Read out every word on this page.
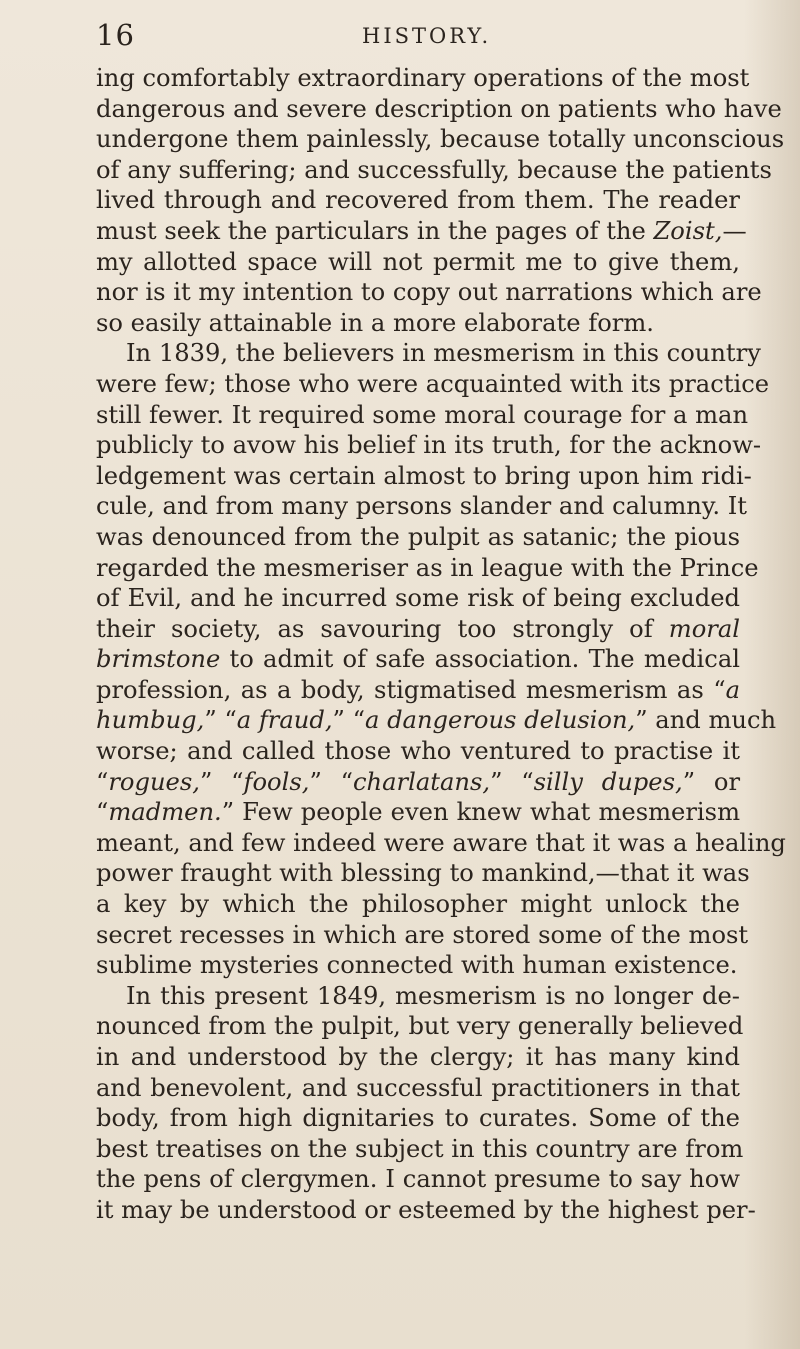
16	HISTORY.
ing comfortably extraordinary operations of the most
dangerous and severe description on patients who have
undergone them painlessly, because totally unconscious
of any suffering; and successfully, because the patients
lived through and recovered from them. The reader
must seek the particulars in the pages of the Zoist,—
my allotted space will not permit me to give them,
nor is it my intention to copy out narrations which are
so easily attainable in a more elaborate form.
In 1839, the believers in mesmerism in this country
were few; those who were acquainted with its practice
still fewer. It required some moral courage for a man
publicly to avow his belief in its truth, for the acknow-
ledgement was certain almost to bring upon him ridi-
cule, and from many persons slander and calumny. It
was denounced from the pulpit as satanic; the pious
regarded the mesmeriser as in league with the Prince
of Evil, and he incurred some risk of being excluded
their society, as savouring too strongly of moral
brimstone to admit of safe association. The medical
profession, as a body, stigmatised mesmerism as “a
humbug,” “a fraud,” “a dangerous delusion,” and much
worse; and called those who ventured to practise it
“rogues,” “fools,” “charlatans,” “silly dupes,” or
“madmen.” Few people even knew what mesmerism
meant, and few indeed were aware that it was a healing
power fraught with blessing to mankind,—that it was
a key by which the philosopher might unlock the
secret recesses in which are stored some of the most
sublime mysteries connected with human existence.
In this present 1849, mesmerism is no longer de-
nounced from the pulpit, but very generally believed
in and understood by the clergy; it has many kind
and benevolent, and successful practitioners in that
body, from high dignitaries to curates. Some of the
best treatises on the subject in this country are from
the pens of clergymen. I cannot presume to say how
it may be understood or esteemed by the highest per-
